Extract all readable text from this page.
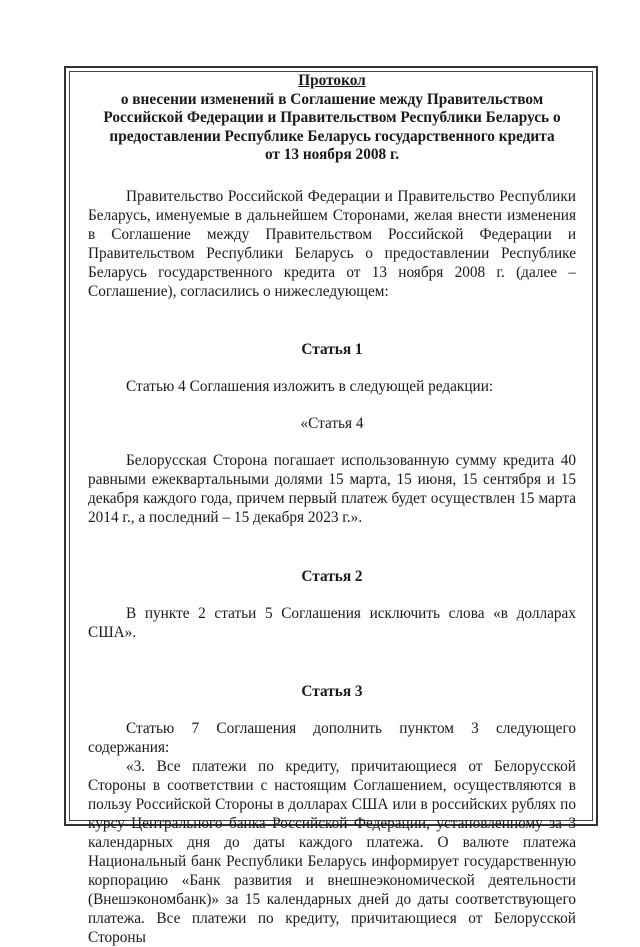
Протокол
о внесении изменений в Соглашение между Правительством
Российской Федерации и Правительством Республики Беларусь о
предоставлении Республике Беларусь государственного кредита
от 13 ноября 2008 г.

Правительство Российской Федерации и Правительство Республики Беларусь, именуемые в дальнейшем Сторонами, желая внести изменения в Соглашение между Правительством Российской Федерации и Правительством Республики Беларусь о предоставлении Республике Беларусь государственного кредита от 13 ноября 2008 г. (далее – Соглашение), согласились о нижеследующем:

Статья 1

Статью 4 Соглашения изложить в следующей редакции:

«Статья 4

Белорусская Сторона погашает использованную сумму кредита 40 равными ежеквартальными долями 15 марта, 15 июня, 15 сентября и 15 декабря каждого года, причем первый платеж будет осуществлен 15 марта 2014 г., а последний – 15 декабря 2023 г.».

Статья 2

В пункте 2 статьи 5 Соглашения исключить слова «в долларах США».

Статья 3

Статью 7 Соглашения дополнить пунктом 3 следующего содержания:

«3. Все платежи по кредиту, причитающиеся от Белорусской Стороны в соответствии с настоящим Соглашением, осуществляются в пользу Российской Стороны в долларах США или в российских рублях по курсу Центрального банка Российской Федерации, установленному за 3 календарных дня до даты каждого платежа. О валюте платежа Национальный банк Республики Беларусь информирует государственную корпорацию «Банк развития и внешнеэкономической деятельности (Внешэкономбанк)» за 15 календарных дней до даты соответствующего платежа. Все платежи по кредиту, причитающиеся от Белорусской Стороны
